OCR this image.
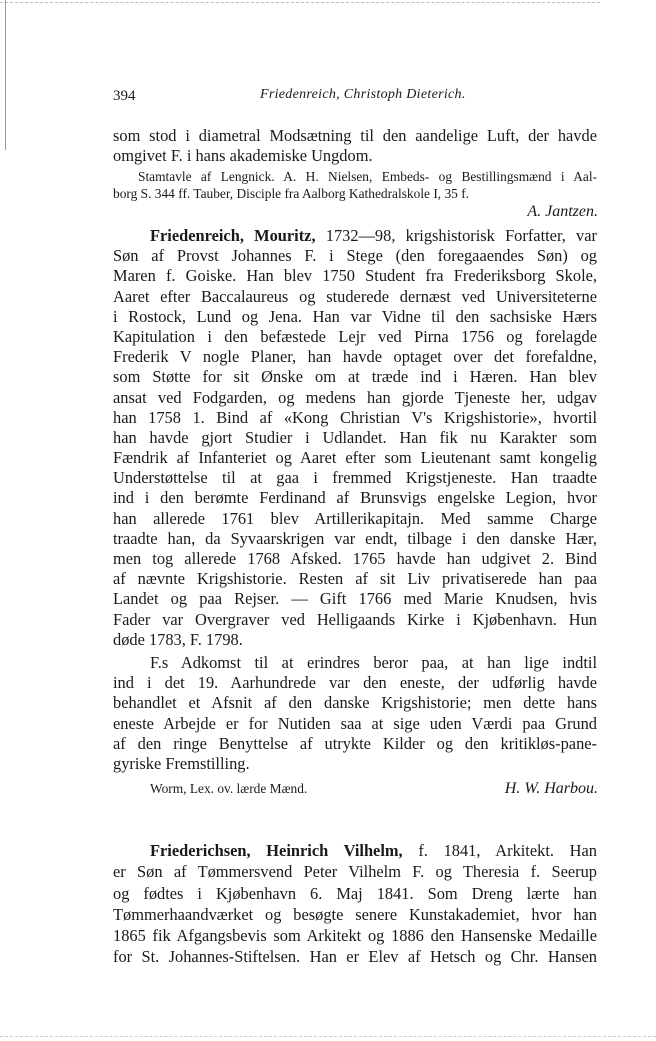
394	Friedenreich, Christoph Dieterich.
som stod i diametral Modsætning til den aandelige Luft, der havde
omgivet F. i hans akademiske Ungdom.
Stamtavle af Lengnick. A. H. Nielsen, Embeds- og Bestillingsmænd i Aal-
borg S. 344 ff. Tauber, Disciple fra Aalborg Kathedralskole I, 35 f.
A. Jantzen.
Friedenreich, Mouritz, 1732—98, krigshistorisk Forfatter, var
Søn af Provst Johannes F. i Stege (den foregaaendes Søn) og
Maren f. Goiske. Han blev 1750 Student fra Frederiksborg Skole,
Aaret efter Baccalaureus og studerede dernæst ved Universiteterne
i Rostock, Lund og Jena. Han var Vidne til den sachsiske Hærs
Kapitulation i den befæstede Lejr ved Pirna 1756 og forelagde
Frederik V nogle Planer, han havde optaget over det forefaldne,
som Støtte for sit Ønske om at træde ind i Hæren. Han blev
ansat ved Fodgarden, og medens han gjorde Tjeneste her, udgav
han 1758 1. Bind af «Kong Christian V's Krigshistorie», hvortil
han havde gjort Studier i Udlandet. Han fik nu Karakter som
Fændrik af Infanteriet og Aaret efter som Lieutenant samt kongelig
Understøttelse til at gaa i fremmed Krigstjeneste. Han traadte
ind i den berømte Ferdinand af Brunsvigs engelske Legion, hvor
han allerede 1761 blev Artillerikapitajn. Med samme Charge
traadte han, da Syvaarskrigen var endt, tilbage i den danske Hær,
men tog allerede 1768 Afsked. 1765 havde han udgivet 2. Bind
af nævnte Krigshistorie. Resten af sit Liv privatiserede han paa
Landet og paa Rejser. — Gift 1766 med Marie Knudsen, hvis
Fader var Overgraver ved Helligaands Kirke i Kjøbenhavn. Hun
døde 1783, F. 1798.
F.s Adkomst til at erindres beror paa, at han lige indtil
ind i det 19. Aarhundrede var den eneste, der udførlig havde
behandlet et Afsnit af den danske Krigshistorie; men dette hans
eneste Arbejde er for Nutiden saa at sige uden Værdi paa Grund
af den ringe Benyttelse af utrykte Kilder og den kritikløs-pane-
gyriske Fremstilling.
Worm, Lex. ov. lærde Mænd.	H. W. Harbou.
Friederichsen, Heinrich Vilhelm, f. 1841, Arkitekt. Han
er Søn af Tømmersvend Peter Vilhelm F. og Theresia f. Seerup
og fødtes i Kjøbenhavn 6. Maj 1841. Som Dreng lærte han
Tømmerhaandværket og besøgte senere Kunstakademiet, hvor han
1865 fik Afgangsbevis som Arkitekt og 1886 den Hansenske Medaille
for St. Johannes-Stiftelsen. Han er Elev af Hetsch og Chr. Hansen
